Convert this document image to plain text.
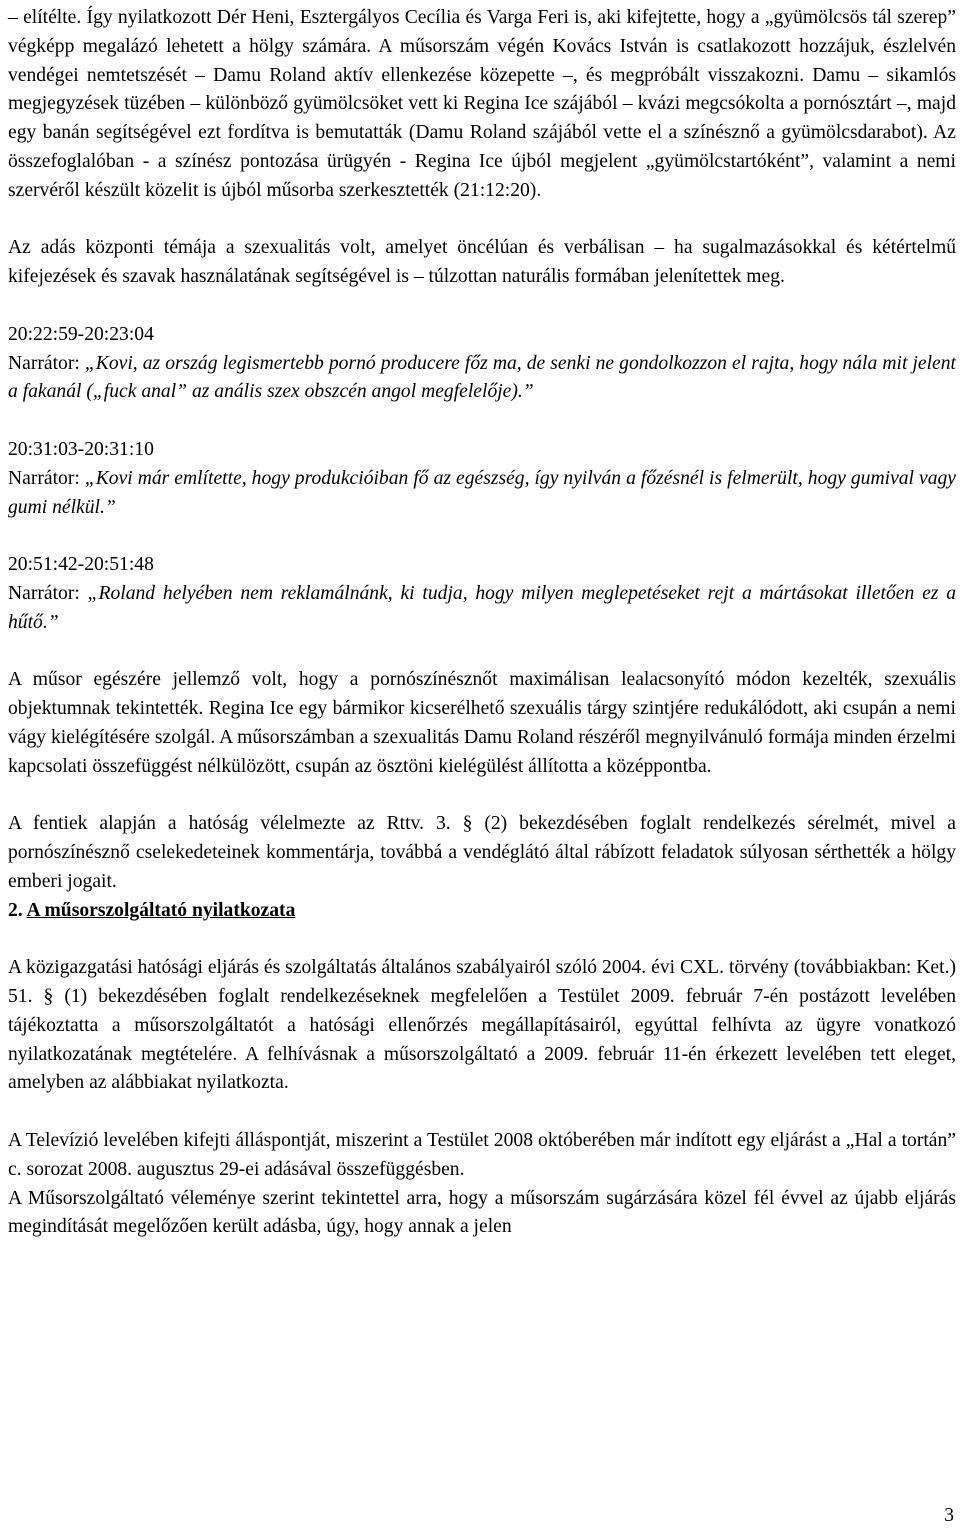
– elítélte. Így nyilatkozott Dér Heni, Esztergályos Cecília és Varga Feri is, aki kifejtette, hogy a „gyümölcsös tál szerep” végképp megalázó lehetett a hölgy számára. A műsorszám végén Kovács István is csatlakozott hozzájuk, észlelvén vendégei nemtetszését – Damu Roland aktív ellenkezése közepette –, és megpróbált visszakozni. Damu – sikamlós megjegyzések tüzében – különböző gyümölcsöket vett ki Regina Ice szájából – kvázi megcsókolta a pornósztárt –, majd egy banán segítségével ezt fordítva is bemutatták (Damu Roland szájából vette el a színésznő a gyümölcsdarabot). Az összefoglalóban - a színész pontozása ürügyén - Regina Ice újból megjelent „gyümölcstartóként”, valamint a nemi szervéről készült közelit is újból műsorba szerkesztették (21:12:20).

Az adás központi témája a szexualitás volt, amelyet öncélúan és verbálisan – ha sugalmazásokkal és kétértelmű kifejezések és szavak használatának segítségével is – túlzottan naturális formában jelenítettek meg.

20:22:59-20:23:04
Narrátor: „Kovi, az ország legismertebb pornó producere főz ma, de senki ne gondolkozzon el rajta, hogy nála mit jelent a fakanál („fuck anal” az anális szex obszcén angol megfelelője).”
20:31:03-20:31:10
Narrátor: „Kovi már említette, hogy produkcióiban fő az egészség, így nyilván a főzésnél is felmerült, hogy gumival vagy gumi nélkül.”
20:51:42-20:51:48
Narrátor: „Roland helyében nem reklamálnánk, ki tudja, hogy milyen meglepetéseket rejt a mártásokat illetően ez a hűtő.”

A műsor egészére jellemző volt, hogy a pornószínésznőt maximálisan lealacsonyító módon kezelték, szexuális objektumnak tekintették. Regina Ice egy bármikor kicserélhető szexuális tárgy szintjére redukálódott, aki csupán a nemi vágy kielégítésére szolgál. A műsorszámban a szexualitás Damu Roland részéről megnyilvánuló formája minden érzelmi kapcsolati összefüggést nélkülözött, csupán az ösztöni kielégülést állította a középpontba.

A fentiek alapján a hatóság vélelmezte az Rttv. 3. § (2) bekezdésében foglalt rendelkezés sérelmét, mivel a pornószínésznő cselekedeteinek kommentárja, továbbá a vendéglátó által rábízott feladatok súlyosan sérthették a hölgy emberi jogait.

2. A műsorszolgáltató nyilatkozata

A közigazgatási hatósági eljárás és szolgáltatás általános szabályairól szóló 2004. évi CXL. törvény (továbbiakban: Ket.) 51. § (1) bekezdésében foglalt rendelkezéseknek megfelelően a Testület 2009. február 7-én postázott levelében tájékoztatta a műsorszolgáltatót a hatósági ellenőrzés megállapításairól, egyúttal felhívta az ügyre vonatkozó nyilatkozatának megtételére. A felhívásnak a műsorszolgáltató a 2009. február 11-én érkezett levelében tett eleget, amelyben az alábbiakat nyilatkozta.

A Televízió levelében kifejti álláspontját, miszerint a Testület 2008 októberében már indított egy eljárást a „Hal a tortán” c. sorozat 2008. augusztus 29-ei adásával összefüggésben.

A Műsorszolgáltató véleménye szerint tekintettel arra, hogy a műsorszám sugárzására közel fél évvel az újabb eljárás megindítását megelőzően került adásba, úgy, hogy annak a jelen

3
